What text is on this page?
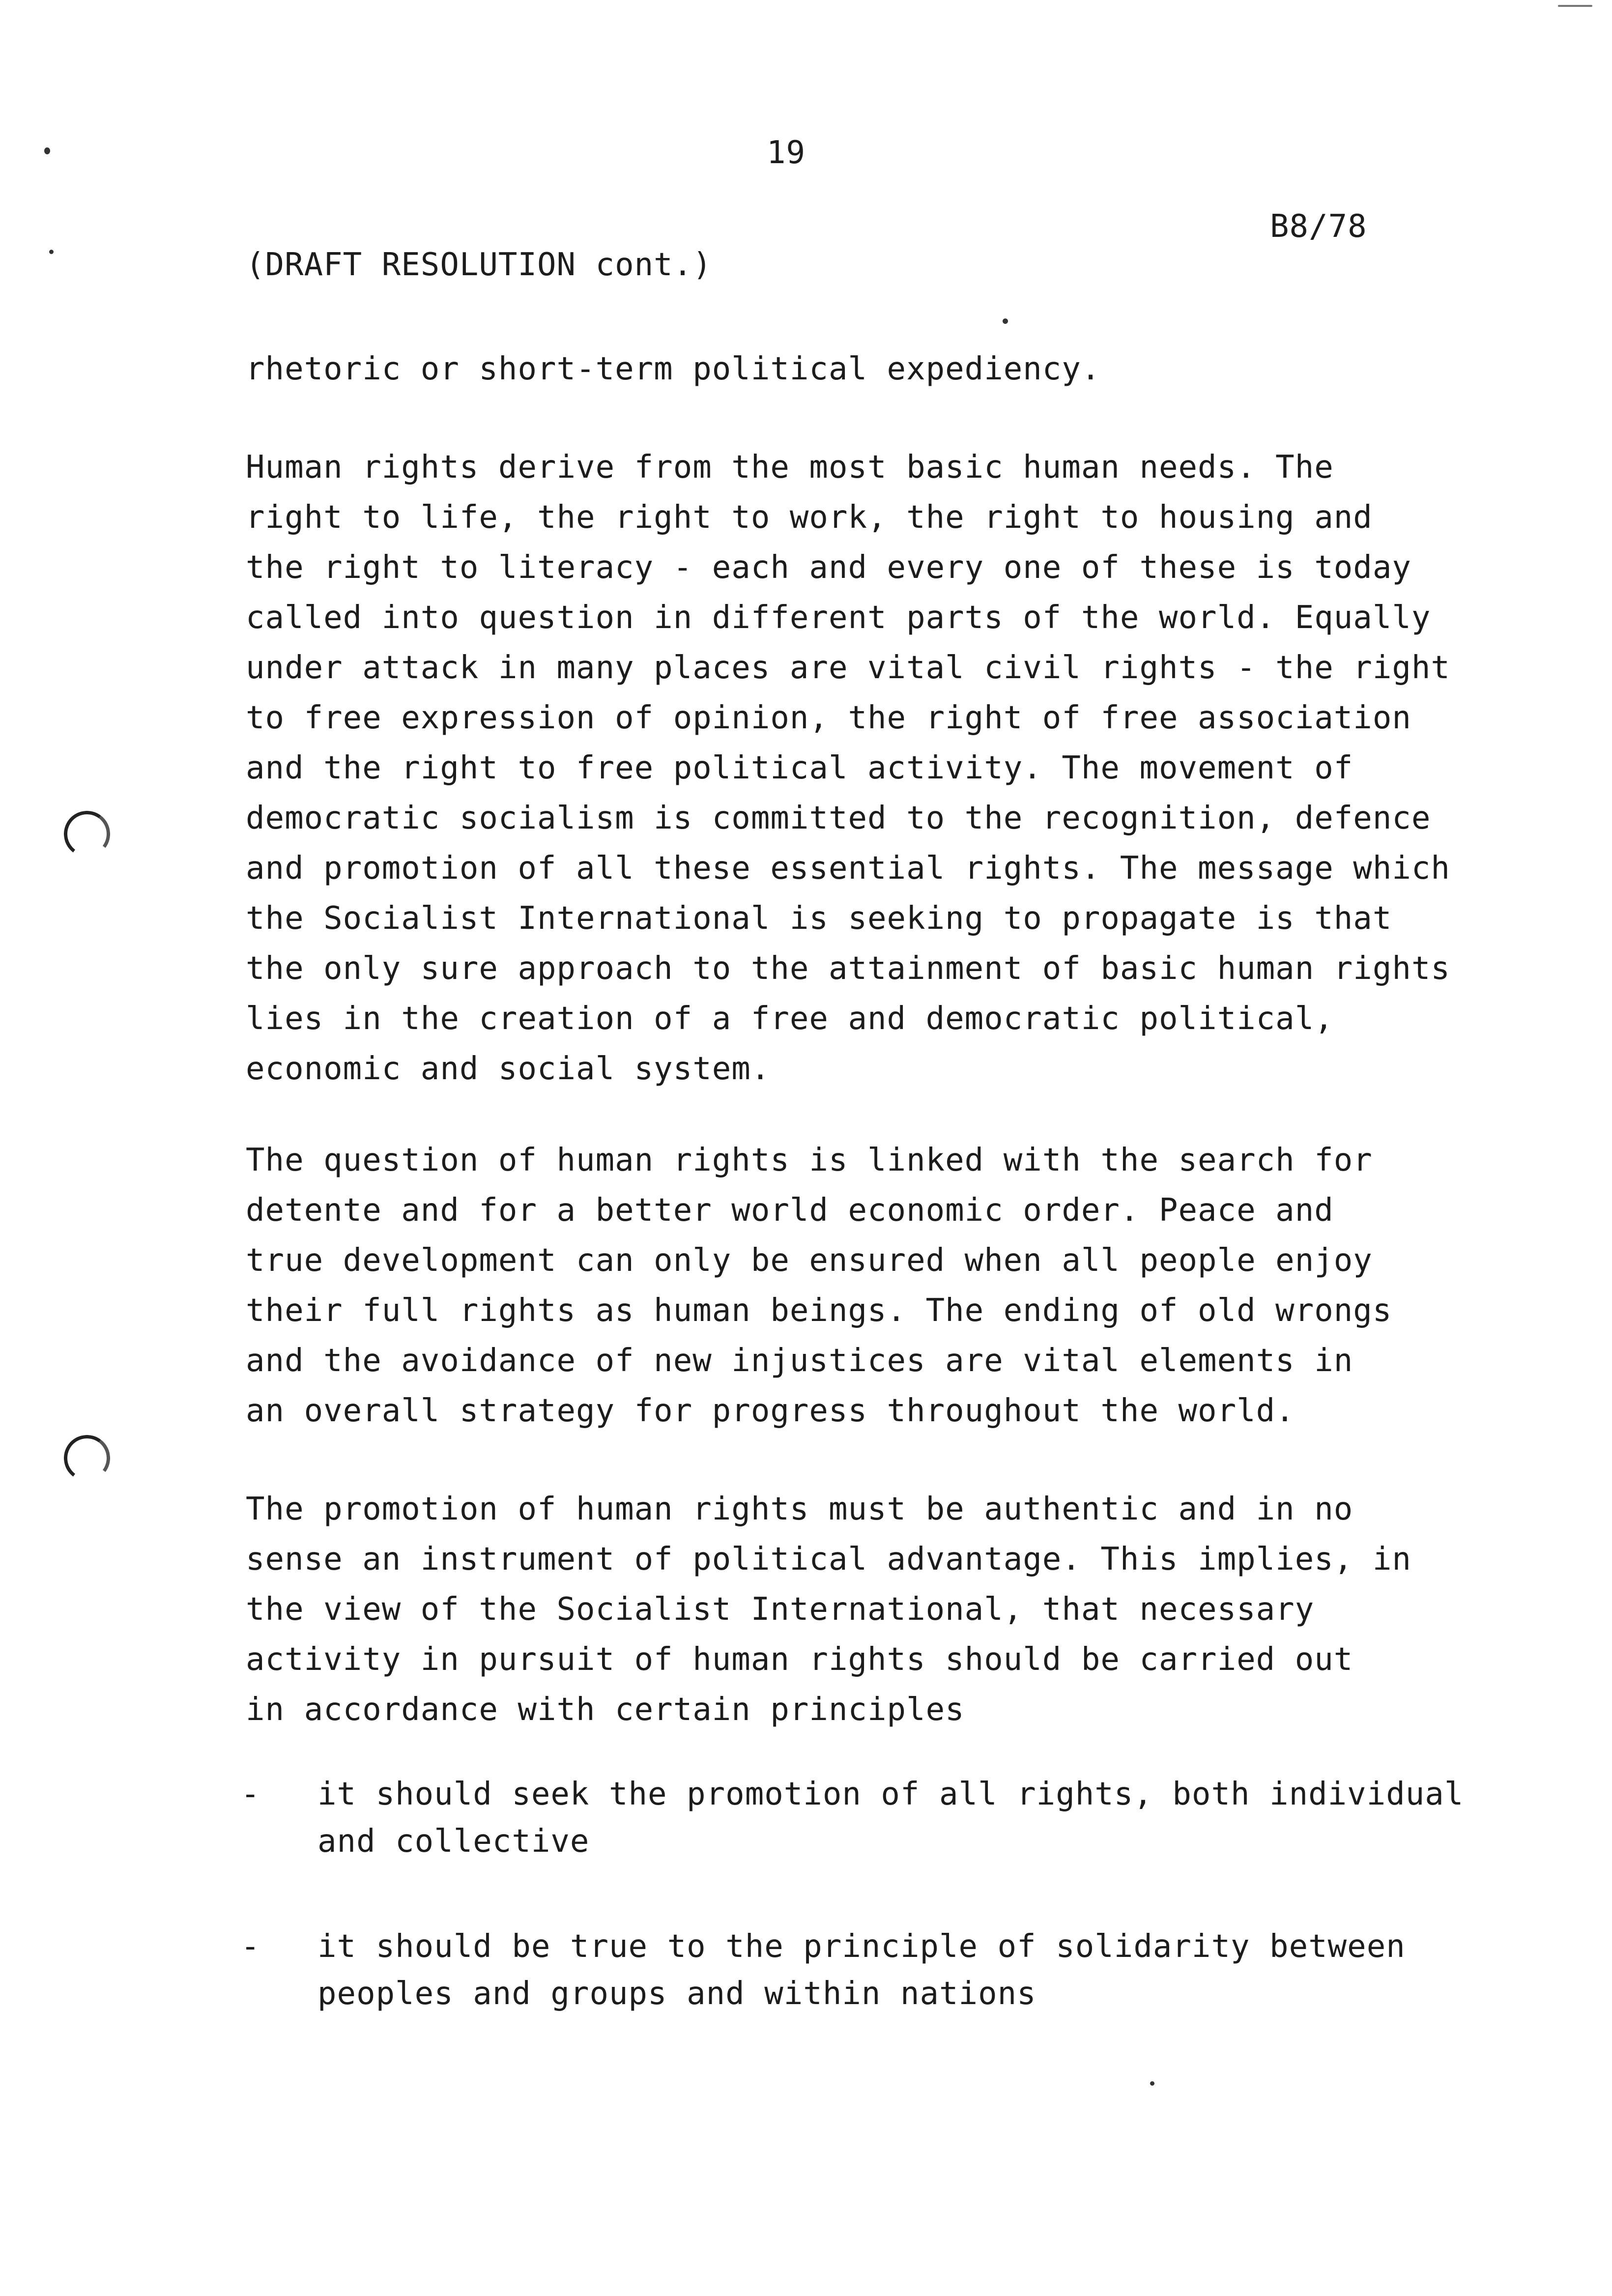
19
B8/78
(DRAFT RESOLUTION cont.)
rhetoric or short-term political expediency.
Human rights derive from the most basic human needs. The
right to life, the right to work, the right to housing and
the right to literacy - each and every one of these is today
called into question in different parts of the world. Equally
under attack in many places are vital civil rights - the right
to free expression of opinion, the right of free association
and the right to free political activity. The movement of
democratic socialism is committed to the recognition, defence
and promotion of all these essential rights. The message which
the Socialist International is seeking to propagate is that
the only sure approach to the attainment of basic human rights
lies in the creation of a free and democratic political,
economic and social system.
The question of human rights is linked with the search for
detente and for a better world economic order. Peace and
true development can only be ensured when all people enjoy
their full rights as human beings. The ending of old wrongs
and the avoidance of new injustices are vital elements in
an overall strategy for progress throughout the world.
The promotion of human rights must be authentic and in no
sense an instrument of political advantage. This implies, in
the view of the Socialist International, that necessary
activity in pursuit of human rights should be carried out
in accordance with certain principles
- it should seek the promotion of all rights, both individual
and collective
- it should be true to the principle of solidarity between
peoples and groups and within nations
